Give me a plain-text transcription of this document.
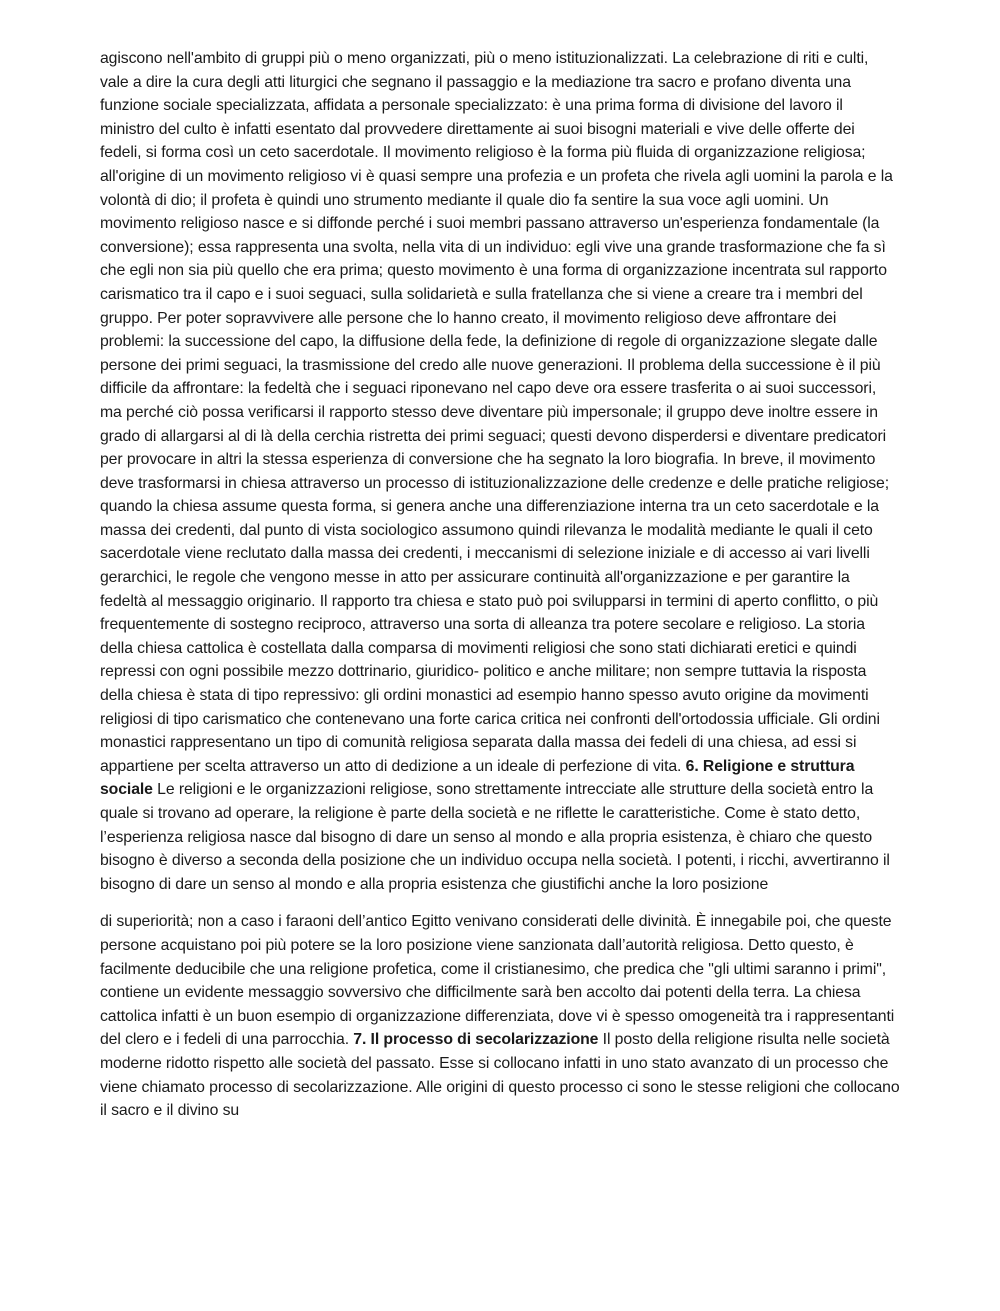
agiscono nell'ambito di gruppi più o meno organizzati, più o meno istituzionalizzati. La celebrazione di riti e culti, vale a dire la cura degli atti liturgici che segnano il passaggio e la mediazione tra sacro e profano diventa una funzione sociale specializzata, affidata a personale specializzato: è una prima forma di divisione del lavoro il ministro del culto è infatti esentato dal provvedere direttamente ai suoi bisogni materiali e vive delle offerte dei fedeli, si forma così un ceto sacerdotale. Il movimento religioso è la forma più fluida di organizzazione religiosa; all'origine di un movimento religioso vi è quasi sempre una profezia e un profeta che rivela agli uomini la parola e la volontà di dio; il profeta è quindi uno strumento mediante il quale dio fa sentire la sua voce agli uomini. Un movimento religioso nasce e si diffonde perché i suoi membri passano attraverso un'esperienza fondamentale (la conversione); essa rappresenta una svolta, nella vita di un individuo: egli vive una grande trasformazione che fa sì che egli non sia più quello che era prima; questo movimento è una forma di organizzazione incentrata sul rapporto carismatico tra il capo e i suoi seguaci, sulla solidarietà e sulla fratellanza che si viene a creare tra i membri del gruppo. Per poter sopravvivere alle persone che lo hanno creato, il movimento religioso deve affrontare dei problemi: la successione del capo, la diffusione della fede, la definizione di regole di organizzazione slegate dalle persone dei primi seguaci, la trasmissione del credo alle nuove generazioni. Il problema della successione è il più difficile da affrontare: la fedeltà che i seguaci riponevano nel capo deve ora essere trasferita o ai suoi successori, ma perché ciò possa verificarsi il rapporto stesso deve diventare più impersonale; il gruppo deve inoltre essere in grado di allargarsi al di là della cerchia ristretta dei primi seguaci; questi devono disperdersi e diventare predicatori per provocare in altri la stessa esperienza di conversione che ha segnato la loro biografia. In breve, il movimento deve trasformarsi in chiesa attraverso un processo di istituzionalizzazione delle credenze e delle pratiche religiose; quando la chiesa assume questa forma, si genera anche una differenziazione interna tra un ceto sacerdotale e la massa dei credenti, dal punto di vista sociologico assumono quindi rilevanza le modalità mediante le quali il ceto sacerdotale viene reclutato dalla massa dei credenti, i meccanismi di selezione iniziale e di accesso ai vari livelli gerarchici, le regole che vengono messe in atto per assicurare continuità all'organizzazione e per garantire la fedeltà al messaggio originario. Il rapporto tra chiesa e stato può poi svilupparsi in termini di aperto conflitto, o più frequentemente di sostegno reciproco, attraverso una sorta di alleanza tra potere secolare e religioso. La storia della chiesa cattolica è costellata dalla comparsa di movimenti religiosi che sono stati dichiarati eretici e quindi repressi con ogni possibile mezzo dottrinario, giuridico- politico e anche militare; non sempre tuttavia la risposta della chiesa è stata di tipo repressivo: gli ordini monastici ad esempio hanno spesso avuto origine da movimenti religiosi di tipo carismatico che contenevano una forte carica critica nei confronti dell'ortodossia ufficiale. Gli ordini monastici rappresentano un tipo di comunità religiosa separata dalla massa dei fedeli di una chiesa, ad essi si appartiene per scelta attraverso un atto di dedizione a un ideale di perfezione di vita. 6. Religione e struttura sociale Le religioni e le organizzazioni religiose, sono strettamente intrecciate alle strutture della società entro la quale si trovano ad operare, la religione è parte della società e ne riflette le caratteristiche. Come è stato detto, l’esperienza religiosa nasce dal bisogno di dare un senso al mondo e alla propria esistenza, è chiaro che questo bisogno è diverso a seconda della posizione che un individuo occupa nella società. I potenti, i ricchi, avvertiranno il bisogno di dare un senso al mondo e alla propria esistenza che giustifichi anche la loro posizione

di superiorità; non a caso i faraoni dell’antico Egitto venivano considerati delle divinità. È innegabile poi, che queste persone acquistano poi più potere se la loro posizione viene sanzionata dall’autorità religiosa. Detto questo, è facilmente deducibile che una religione profetica, come il cristianesimo, che predica che "gli ultimi saranno i primi", contiene un evidente messaggio sovversivo che difficilmente sarà ben accolto dai potenti della terra. La chiesa cattolica infatti è un buon esempio di organizzazione differenziata, dove vi è spesso omogeneità tra i rappresentanti del clero e i fedeli di una parrocchia. 7. Il processo di secolarizzazione Il posto della religione risulta nelle società moderne ridotto rispetto alle società del passato. Esse si collocano infatti in uno stato avanzato di un processo che viene chiamato processo di secolarizzazione. Alle origini di questo processo ci sono le stesse religioni che collocano il sacro e il divino su
